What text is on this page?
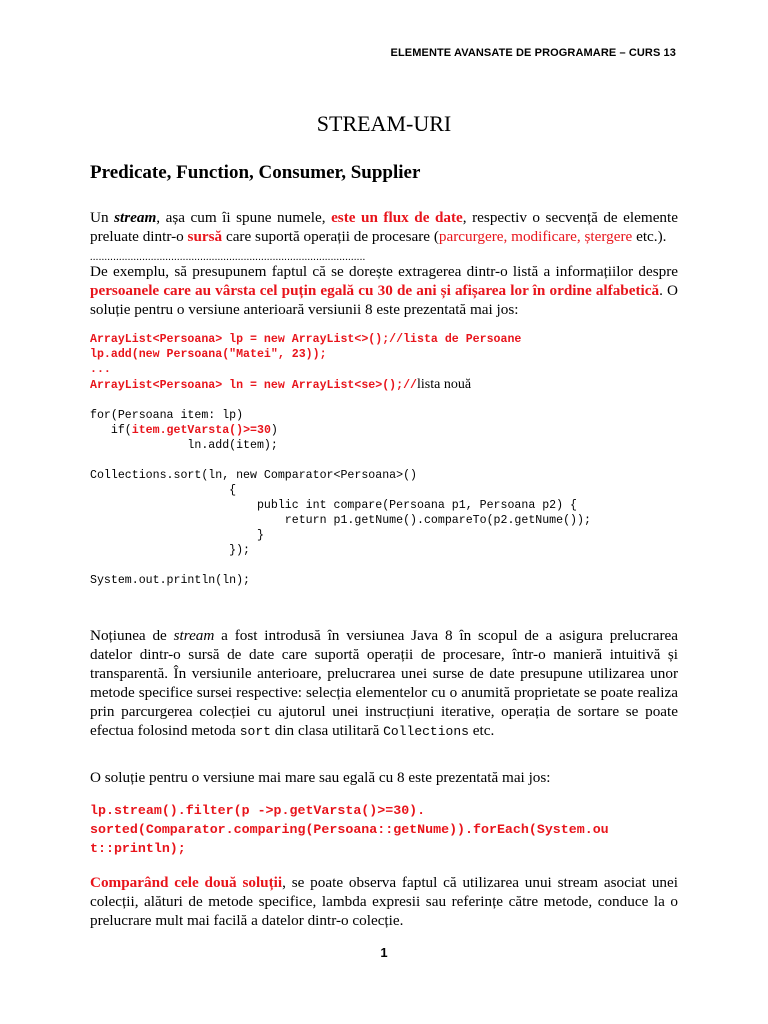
ELEMENTE AVANSATE DE PROGRAMARE – CURS 13
STREAM-URI
Predicate, Function, Consumer, Supplier
Un stream, așa cum îi spune numele, este un flux de date, respectiv o secvență de elemente preluate dintr-o sursă care suportă operații de procesare (parcurgere, modificare, ștergere etc.).
...............................................................................................
De exemplu, să presupunem faptul că se dorește extragerea dintr-o listă a informațiilor despre persoanele care au vârsta cel puțin egală cu 30 de ani și afișarea lor în ordine alfabetică. O soluție pentru o versiune anterioară versiunii 8 este prezentată mai jos:
ArrayList<Persoana> lp = new ArrayList<>();//lista de Persoane
lp.add(new Persoana("Matei", 23));
...
ArrayList<Persoana> ln = new ArrayList<se>();//lista nouă
for(Persoana item: lp)
if(item.getVarsta()>=30)
ln.add(item);
Collections.sort(ln, new Comparator<Persoana>()
{
public int compare(Persoana p1, Persoana p2) {
return p1.getNume().compareTo(p2.getNume());
}
});

System.out.println(ln);
Noțiunea de stream a fost introdusă în versiunea Java 8 în scopul de a asigura prelucrarea datelor dintr-o sursă de date care suportă operații de procesare, într-o manieră intuitivă și transparentă. În versiunile anterioare, prelucrarea unei surse de date presupune utilizarea unor metode specifice sursei respective: selecția elementelor cu o anumită proprietate se poate realiza prin parcurgerea colecției cu ajutorul unei instrucțiuni iterative, operația de sortare se poate efectua folosind metoda sort din clasa utilitară Collections etc.
O soluție pentru o versiune mai mare sau egală cu 8 este prezentată mai jos:
lp.stream().filter(p ->p.getVarsta()>=30).
sorted(Comparator.comparing(Persoana::getNume)).forEach(System.ou
t::println);
Comparând cele două soluții, se poate observa faptul că utilizarea unui stream asociat unei colecții, alături de metode specifice, lambda expresii sau referințe către metode, conduce la o prelucrare mult mai facilă a datelor dintr-o colecție.
1
